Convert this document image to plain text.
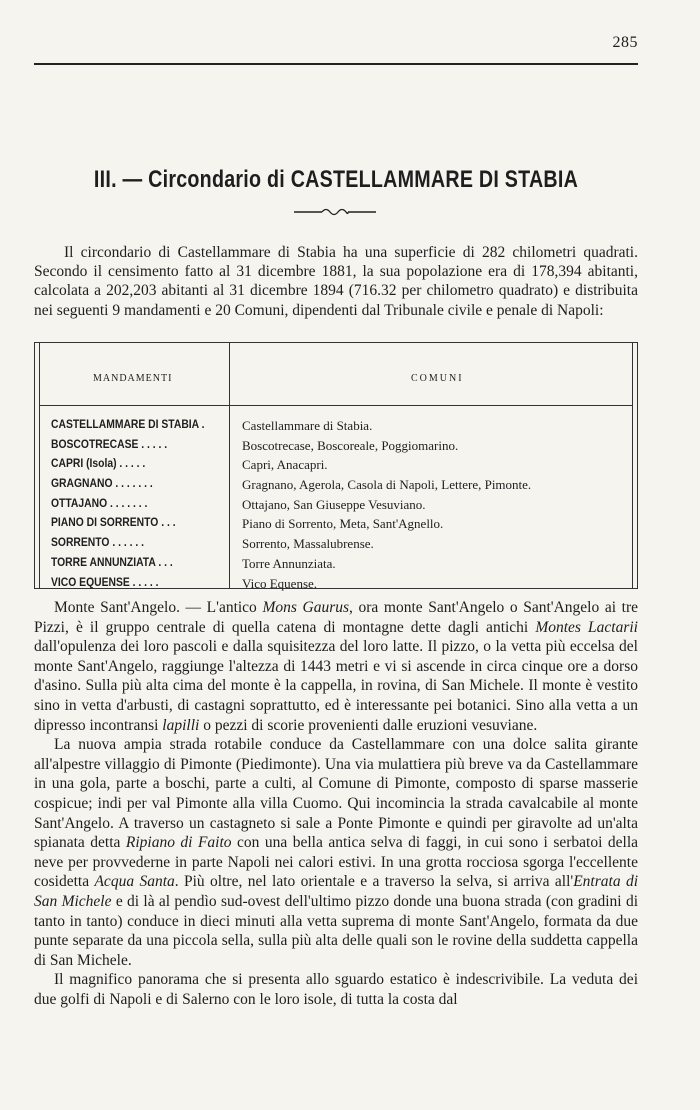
285
III. — Circondario di CASTELLAMMARE DI STABIA

Il circondario di Castellammare di Stabia ha una superficie di 282 chilometri quadrati. Secondo il censimento fatto al 31 dicembre 1881, la sua popolazione era di 178,394 abitanti, calcolata a 202,203 abitanti al 31 dicembre 1894 (716.32 per chilometro quadrato) e distribuita nei seguenti 9 mandamenti e 20 Comuni, dipendenti dal Tribunale civile e penale di Napoli:

MANDAMENTI	COMUNI
CASTELLAMMARE DI STABIA .	Castellammare di Stabia.
BOSCOTRECASE . . . . .	Boscotrecase, Boscoreale, Poggiomarino.
CAPRI (Isola) . . . . .	Capri, Anacapri.
GRAGNANO . . . . . . .	Gragnano, Agerola, Casola di Napoli, Lettere, Pimonte.
OTTAJANO . . . . . . .	Ottajano, San Giuseppe Vesuviano.
PIANO DI SORRENTO . . .	Piano di Sorrento, Meta, Sant'Agnello.
SORRENTO . . . . . .	Sorrento, Massalubrense.
TORRE ANNUNZIATA . . .	Torre Annunziata.
VICO EQUENSE . . . . .	Vico Equense.

Monte Sant'Angelo. — L'antico Mons Gaurus, ora monte Sant'Angelo o Sant'Angelo ai tre Pizzi, è il gruppo centrale di quella catena di montagne dette dagli antichi Montes Lactarii dall'opulenza dei loro pascoli e dalla squisitezza del loro latte. Il pizzo, o la vetta più eccelsa del monte Sant'Angelo, raggiunge l'altezza di 1443 metri e vi si ascende in circa cinque ore a dorso d'asino. Sulla più alta cima del monte è la cappella, in rovina, di San Michele. Il monte è vestito sino in vetta d'arbusti, di castagni soprattutto, ed è interessante pei botanici. Sino alla vetta a un dipresso incontransi lapilli o pezzi di scorie provenienti dalle eruzioni vesuviane.

La nuova ampia strada rotabile conduce da Castellammare con una dolce salita girante all'alpestre villaggio di Pimonte (Piedimonte). Una via mulattiera più breve va da Castellammare in una gola, parte a boschi, parte a culti, al Comune di Pimonte, composto di sparse masserie cospicue; indi per val Pimonte alla villa Cuomo. Qui incomincia la strada cavalcabile al monte Sant'Angelo. A traverso un castagneto si sale a Ponte Pimonte e quindi per giravolte ad un'alta spianata detta Ripiano di Faito con una bella antica selva di faggi, in cui sono i serbatoi della neve per provvederne in parte Napoli nei calori estivi. In una grotta rocciosa sgorga l'eccellente cosidetta Acqua Santa. Più oltre, nel lato orientale e a traverso la selva, si arriva all'Entrata di San Michele e di là al pendìo sud-ovest dell'ultimo pizzo donde una buona strada (con gradini di tanto in tanto) conduce in dieci minuti alla vetta suprema di monte Sant'Angelo, formata da due punte separate da una piccola sella, sulla più alta delle quali son le rovine della suddetta cappella di San Michele.

Il magnifico panorama che si presenta allo sguardo estatico è indescrivibile. La veduta dei due golfi di Napoli e di Salerno con le loro isole, di tutta la costa dal
